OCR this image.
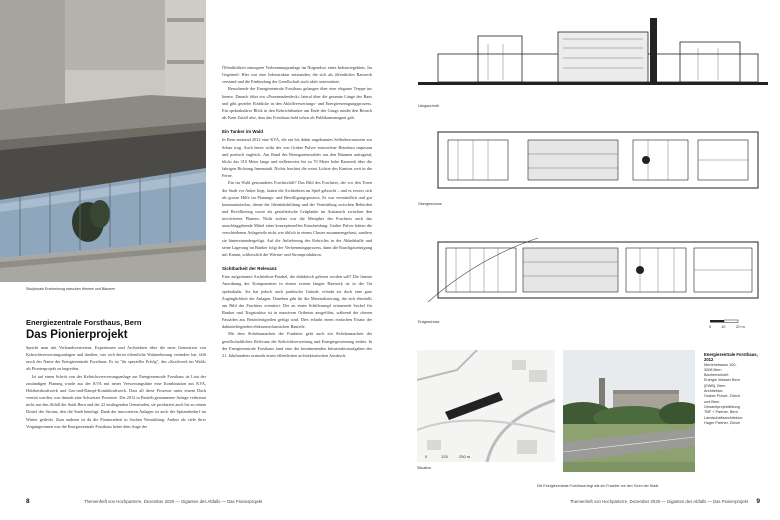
Skulpturale Erscheinung zwischen Himmel und Bäumen
Energiezentrale Forsthaus, Bern
Das Pionierprojekt

Spricht man mit Verbandsvertretern, Expertinnen und Architekten über die neue Generation von Kehrichtverwertungsanlagen und darüber, wie sich deren öffentliche Wahrnehmung verändert hat, fällt rasch der Name der Energiezentrale Forsthaus. Es ist "ihr spezieller Erfolg", das »Kraftwerk im Wald« als Pionierprojekt zu begreifen.

Ist auf einen Schritt von der Kehrichtverwertungsanlage zur Energiezentrale Forsthaus ist Laut der zuständigen Planung wurde aus der KVA mit neuer Verwertungslinie eine Kombination aus KVA, Holzheizkraftwerk und Gas-und-Dampf-Kombikraftwerk. Dass all diese Prozesse unter einem Dach vereint wurden, war damals eine Schweizer Premiere. Die 2012 in Betrieb genommene Anlage verbrennt nicht nur den Abfall der Stadt Bern und der 22 umliegenden Gemeinden, sie produziert auch bis zu einem Drittel des Stroms, den die Stadt benötigt. Dank der innovativen Anlagen ist auch der Spitzenbedarf im Winter gedeckt. Zum anderen ist da die Pionierarbeit in Sachen Vermittlung: Anders als viele ihrer Vorgängerinnen war die Energiezentrale Forsthaus keine dem Auge der

Öffentlichkeit entzogene Verbrennungsanlage im Nirgendwo eines Industriegebiets. Im Gegenteil: Hier war eine Infrastruktur entstanden, die sich als öffentliches Bauwerk verstand und die Einbindung der Gesellschaft auch aktiv unterstützte.

Besuchende der Energiezentrale Forsthaus gelangen über eine elegante Treppe ins Innere. Danach führt ein »Promenadendeck« lateral über die gesamte Länge des Baus und gibt gezielte Einblicke in den Abfallverwertungs- und Energieerzeugungsprozess. Ein spektakulärer Blick in den Kehrichtbunker am Ende des Gangs rundet den Besuch ab. Kein Zufall also, dass das Forsthaus bald schon als Publikumsmagnet galt.

Ein Tanker im Wald

In Bern entstand 2012 eine KVA, die ein bis dahin ungekanntes Selbstbewusstsein zur Schau trug. Auch heute wirkt der von Graber Pulver entworfene Betonbau imposant und poetisch zugleich. Am Rand des Bremgartenwaldes aus den Bäumen aufragend, blickt das 310 Meter lange und stellenweise bis zu 70 Meter hohe Bauwerk über die fahrigen Richtung Innenstadt. Nichts leuchtet die rotrot Lichter des Kamins weit in die Ferne.

Ein im Wald gestrandetes Frachtschiff? Das Bild des Frachters, der vor den Toren der Stadt vor Anker liegt, hatten die Architekten im Spiel gebracht – und es erwies sich als grosse Hilfe im Planungs- und Bewilligungsprozess. Es war verständlich und gut kommunizierbar, diente der Identitätsbildung und der Vermittlung zwischen Behörden und Bevölkerung sowie als gestalterische Leitplanke im Austausch zwischen den involvierten Planern. Nicht zuletzt war die Metapher des Frachters auch das ausschlaggebende Mittel einer konzeptionellen Entscheidung: Graber Pulver hätten die verschiedenen Anlageteile nicht wie üblich in einem Cluster zusammengefasst, sondern sie hintereinandergefügt. Auf die Anlieferung des Kehrichts in der Abladehalle und seine Lagerung im Bunker folgt der Verbrennungsprozess, dann die Rauchgasreinigung mit Kamin, schliesslich die Wärme- und Stromproduktion.

Sichtbarkeit der Relevanz

Eine aufgeräumte Architektur-Parabel, die didaktisch gelesen werden soll? Die lineare Anordnung der Komponenten in einem extrem langen Bauwerk ist in der Tat spektakulär. Sie hat jedoch auch praktische Gründe, erlaubt sie doch eine gute Zugänglichkeit der Anlagen. Daneben gibt für die Materialisierung, die sich ebenfalls am Bild des Frachters orientiert. Der an einen Schiffsrumpf erinnernde Sockel für Bunker und Tragstruktur ist in massivem Ortbeton ausgeführt, während der oberen Fassaden aus Betonfertigteilen gefügt sind. Dies erlaubt einen einfachen Ersatz der dahinterliegenden elektromechanischen Bauteile.

Mit dem Sichtbarmachen der Funktion geht auch ein Sichtbarmachen der gesellschaftlichen Relevanz der Kehrichtverwertung und Energiegewinnung einher. In der Energiezentrale Forsthaus fand eine der bestimmenden Infrastrukturaufgaben des 21. Jahrhunderts erstmals einen öffentlichen architektonischen Ausdruck.

8	Themenheft von Hochparterre, Dezember 2020 — Giganten des Abfalls — Das Pionierprojekt
Längsschnitt
Obergeschoss
Erdgeschoss
0 10	20 m
0	125	250 m
Situation
Die Energiezentrale Forsthaus liegt wie ein Frachter vor den Toren der Stadt.
Energiezentrale Forsthaus, 2012
Murtenstrasse 100,
3008 Bern
Bauherrschaft:
Energie Wasser Bern
(EWB), Bern
Architektur:
Graber Pulver, Zürich
und Bern
Gesamtprojektleitung
TBF + Partner, Bern
Landschaftsarchitektur:
Hager Partner, Zürich
Themenheft von Hochparterre, Dezember 2020 — Giganten des Abfalls — Das Pionierprojekt 9
